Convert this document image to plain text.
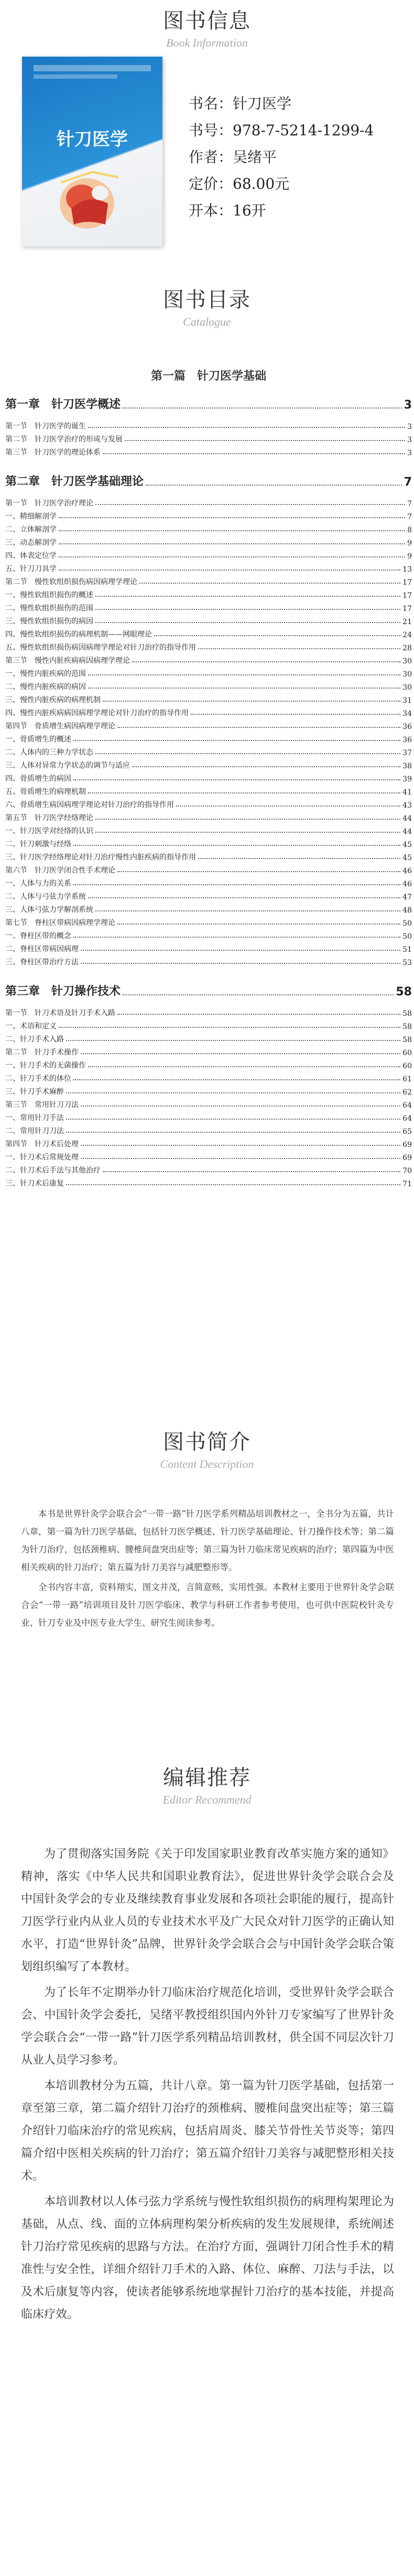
图书信息
Book Information
针刀医学
书名：针刀医学
书号：978-7-5214-1299-4
作者：吴绪平
定价：68.00元
开本：16开
图书目录
Catalogue
第一篇　针刀医学基础
第一章　针刀医学概述	3
第一节　针刀医学的诞生	3
第二节　针刀医学治疗的形成与发展	3
第三节　针刀医学的理论体系	3
第二章　针刀医学基础理论	7
第一节　针刀医学治疗理论	7
一、精细解剖学	7
二、立体解剖学	8
三、动态解剖学	9
四、体表定位学	9
五、针刀刀具学	13
第二节　慢性软组织损伤病因病理学理论	17
一、慢性软组织损伤的概述	17
二、慢性软组织损伤的范围	17
三、慢性软组织损伤的病因	21
四、慢性软组织损伤的病理机制——网眼理论	24
五、慢性软组织损伤病因病理学理论对针刀治疗的指导作用	28
第三节　慢性内脏疾病病因病理学理论	30
一、慢性内脏疾病的范围	30
二、慢性内脏疾病的病因	30
三、慢性内脏疾病的病理机制	31
四、慢性内脏疾病病因病理学理论对针刀治疗的指导作用	34
第四节　骨质增生病因病理学理论	36
一、骨质增生的概述	36
二、人体内的三种力学状态	37
三、人体对异常力学状态的调节与适应	38
四、骨质增生的病因	39
五、骨质增生的病理机制	41
六、骨质增生病因病理学理论对针刀治疗的指导作用	43
第五节　针刀医学经络理论	44
一、针刀医学对经络的认识	44
二、针刀刺激与经络	45
三、针刀医学经络理论对针刀治疗慢性内脏疾病的指导作用	45
第六节　针刀医学闭合性手术理论	46
一、人体与力的关系	46
二、人体与弓弦力学系统	47
三、人体弓弦力学解剖系统	48
第七节　脊柱区带病因病理学理论	50
一、脊柱区带的概念	50
二、脊柱区带病因病理	51
三、脊柱区带治疗方法	53
第三章　针刀操作技术	58
第一节　针刀术语及针刀手术入路	58
一、术语和定义	58
二、针刀手术入路	58
第二节　针刀手术操作	60
一、针刀手术的无菌操作	60
二、针刀手术的体位	61
三、针刀手术麻醉	62
第三节　常用针刀刀法	64
一、常用针刀手法	64
二、常用针刀刀法	65
第四节　针刀术后处理	69
一、针刀术后常规处理	69
二、针刀术后手法与其他治疗	70
三、针刀术后康复	71
图书简介
Content Description

本书是世界针灸学会联合会“一带一路”针刀医学系列精品培训教材之一，全书分为五篇，共计八章，第一篇为针刀医学基础，包括针刀医学概述、针刀医学基础理论、针刀操作技术等；第二篇为针刀治疗，包括颈椎病、腰椎间盘突出症等；第三篇为针刀临床常见疾病的治疗；第四篇为中医相关疾病的针刀治疗；第五篇为针刀美容与减肥整形等。

全书内容丰富，资料翔实，图文并茂，言简意赅，实用性强。本教材主要用于世界针灸学会联合会“一带一路”培训项目及针刀医学临床、教学与科研工作者参考使用，也可供中医院校针灸专业、针刀专业及中医专业大学生、研究生阅读参考。

编辑推荐
Editor Recommend

为了贯彻落实国务院《关于印发国家职业教育改革实施方案的通知》精神，落实《中华人民共和国职业教育法》，促进世界针灸学会联合会及中国针灸学会的专业及继续教育事业发展和各项社会职能的履行，提高针刀医学行业内从业人员的专业技术水平及广大民众对针刀医学的正确认知水平，打造“世界针灸”品牌，世界针灸学会联合会与中国针灸学会联合策划组织编写了本教材。

为了长年不定期举办针刀临床治疗规范化培训，受世界针灸学会联合会、中国针灸学会委托，吴绪平教授组织国内外针刀专家编写了世界针灸学会联合会“一带一路”针刀医学系列精品培训教材，供全国不同层次针刀从业人员学习参考。

本培训教材分为五篇，共计八章。第一篇为针刀医学基础，包括第一章至第三章，第二篇介绍针刀治疗的颈椎病、腰椎间盘突出症等；第三篇介绍针刀临床治疗的常见疾病，包括肩周炎、膝关节骨性关节炎等；第四篇介绍中医相关疾病的针刀治疗；第五篇介绍针刀美容与减肥整形相关技术。

本培训教材以人体弓弦力学系统与慢性软组织损伤的病理构架理论为基础，从点、线、面的立体病理构架分析疾病的发生发展规律，系统阐述针刀治疗常见疾病的思路与方法。在治疗方面，强调针刀闭合性手术的精准性与安全性，详细介绍针刀手术的入路、体位、麻醉、刀法与手法，以及术后康复等内容，使读者能够系统地掌握针刀治疗的基本技能，并提高临床疗效。
